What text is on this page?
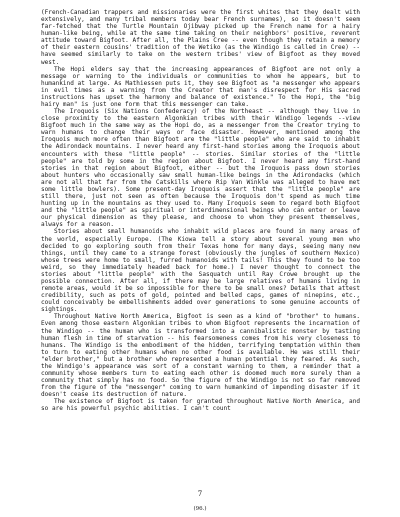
(French-Canadian trappers and missionaries were the first whites that they dealt with extensively, and many tribal members today bear French surnames), so it doesn't seem far-fetched that the Turtle Mountain Ojibway picked up the French name for a hairy human-like being, while at the same time taking on their neighbors' positive, reverent attitude toward Bigfoot. After all, the Plains Cree -- even though they retain a memory of their eastern cousins' tradition of the Wetiko (as the Windigo is called in Cree) -- have seemed similarly to take on the western tribes' view of Bigfoot as they moved west.

The Hopi elders say that the increasing appearances of Bigfoot are not only a message or warning to the individuals or communities to whom he appears, but to humankind at large. As Mathiessen puts it, they see Bigfoot as "a messenger who appears in evil times as a warning from the Creator that man's disrespect for His sacred instructions has upset the harmony and balance of existence." To the Hopi, the "big hairy man" is just one form that this messenger can take.

The Iroquois (Six Nations Confederacy) of the Northeast -- although they live in close proximity to the eastern Algonkian tribes with their Windigo legends --view Bigfoot much in the same way as the Hopi do, as a messenger from the Creator trying to warn humans to change their ways or face disaster. However, mentioned among the Iroquois much more often than Bigfoot are the "little people" who are said to inhabit the Adirondack mountains. I never heard any first-hand stories among the Iroquois about encounters with these "little people" -- stories. Similar stories of the "little people" are told by some in the region about Bigfoot. I never heard any first-hand stories in that region about Bigfoot, either -- but the Iroquois pass down stories about hunters who occasionally saw small human-like beings in the Adirondacks (which are not all that far from the Catskills where Rip Van Winkle was alleged to have met some little bowlers). Some present-day Iroquois assert that the "little people" are still there, just not seen as often because the Iroquois don't spend as much time hunting up in the mountains as they used to. Many Iroquois seem to regard both Bigfoot and the "little people" as spiritual or interdimensional beings who can enter or leave our physical dimension as they please, and choose to whom they present themselves, always for a reason.

Stories about small humanoids who inhabit wild places are found in many areas of the world, especially Europe. (The Kiowa tell a story about several young men who decided to go exploring south from their Texas home for many days, seeing many new things, until they came to a strange forest (obviously the jungles of southern Mexico) whose trees were home to small, furred humanoids with tails! This they found to be too weird, so they immediately headed back for home.) I never thought to connect the stories about "little people" with the Sasquatch until Ray Crowe brought up the possible connection. After all, if there may be large relatives of humans living in remote areas, would it be so impossible for there to be small ones? Details that attest credibility, such as pots of gold, pointed and belled caps, games of ninepins, etc., could conceivably be embellishments added over generations to some genuine accounts of sightings.

Throughout Native North America, Bigfoot is seen as a kind of "brother" to humans. Even among those eastern Algonkian tribes to whom Bigfoot represents the incarnation of the Windigo -- the human who is transformed into a cannibalistic monster by tasting human flesh in time of starvation -- his fearsomeness comes from his very closeness to humans. The Windigo is the embodiment of the hidden, terrifying temptation within them to turn to eating other humans when no other food is available. He was still their "elder brother," but a brother who represented a human potential they feared. As such, the Windigo's appearance was sort of a constant warning to them, a reminder that a community whose members turn to eating each other is doomed much more surely than a community that simply has no food. So the figure of the Windigo is not so far removed from the figure of the "messenger" coming to warn humankind of impending disaster if it doesn't cease its destruction of nature.

The existence of Bigfoot is taken for granted throughout Native North America, and so are his powerful psychic abilities. I can't count

7
(96.)
